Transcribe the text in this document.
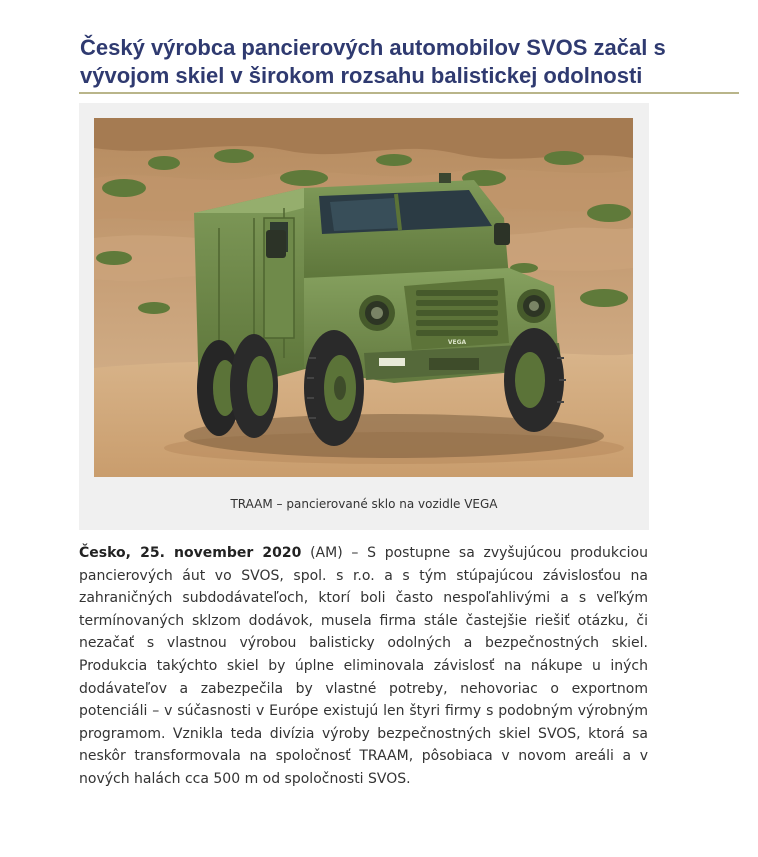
Český výrobca pancierových automobilov SVOS začal s vývojom skiel v širokom rozsahu balistickej odolnosti
VEGA
TRAAM – pancierované sklo na vozidle VEGA

Česko, 25. november 2020 (AM) – S postupne sa zvyšujúcou produkciou pancierových áut vo SVOS, spol. s r.o. a s tým stúpajúcou závislosťou na zahraničných subdodávateľoch, ktorí boli často nespoľahlivými a s veľkým termínovaných sklzom dodávok, musela firma stále častejšie riešiť otázku, či nezačať s vlastnou výrobou balisticky odolných a bezpečnostných skiel. Produkcia takýchto skiel by úplne eliminovala závislosť na nákupe u iných dodávateľov a zabezpečila by vlastné potreby, nehovoriac o exportnom potenciáli – v súčasnosti v Európe existujú len štyri firmy s podobným výrobným programom. Vznikla teda divízia výroby bezpečnostných skiel SVOS, ktorá sa neskôr transformovala na spoločnosť TRAAM, pôsobiaca v novom areáli a v nových halách cca 500 m od spoločnosti SVOS.
